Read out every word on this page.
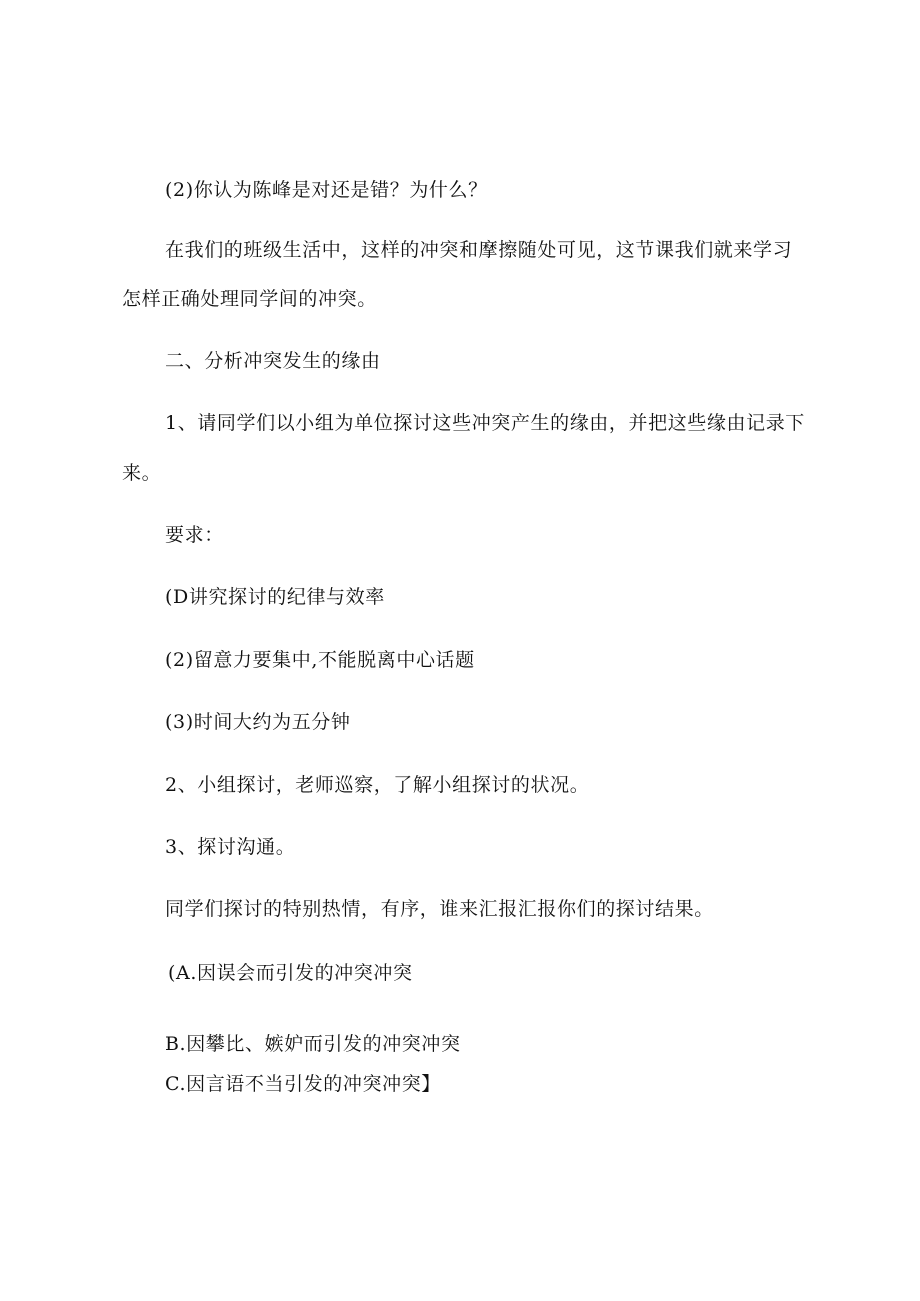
(2)你认为陈峰是对还是错？为什么？

在我们的班级生活中，这样的冲突和摩擦随处可见，这节课我们就来学习

怎样正确处理同学间的冲突。

二、分析冲突发生的缘由

1、请同学们以小组为单位探讨这些冲突产生的缘由，并把这些缘由记录下

来。

要求：

(D讲究探讨的纪律与效率

(2)留意力要集中,不能脱离中心话题

(3)时间大约为五分钟

2、小组探讨，老师巡察，了解小组探讨的状况。

3、探讨沟通。

同学们探讨的特别热情，有序，谁来汇报汇报你们的探讨结果。

(A.因误会而引发的冲突冲突

B.因攀比、嫉妒而引发的冲突冲突

C.因言语不当引发的冲突冲突】
